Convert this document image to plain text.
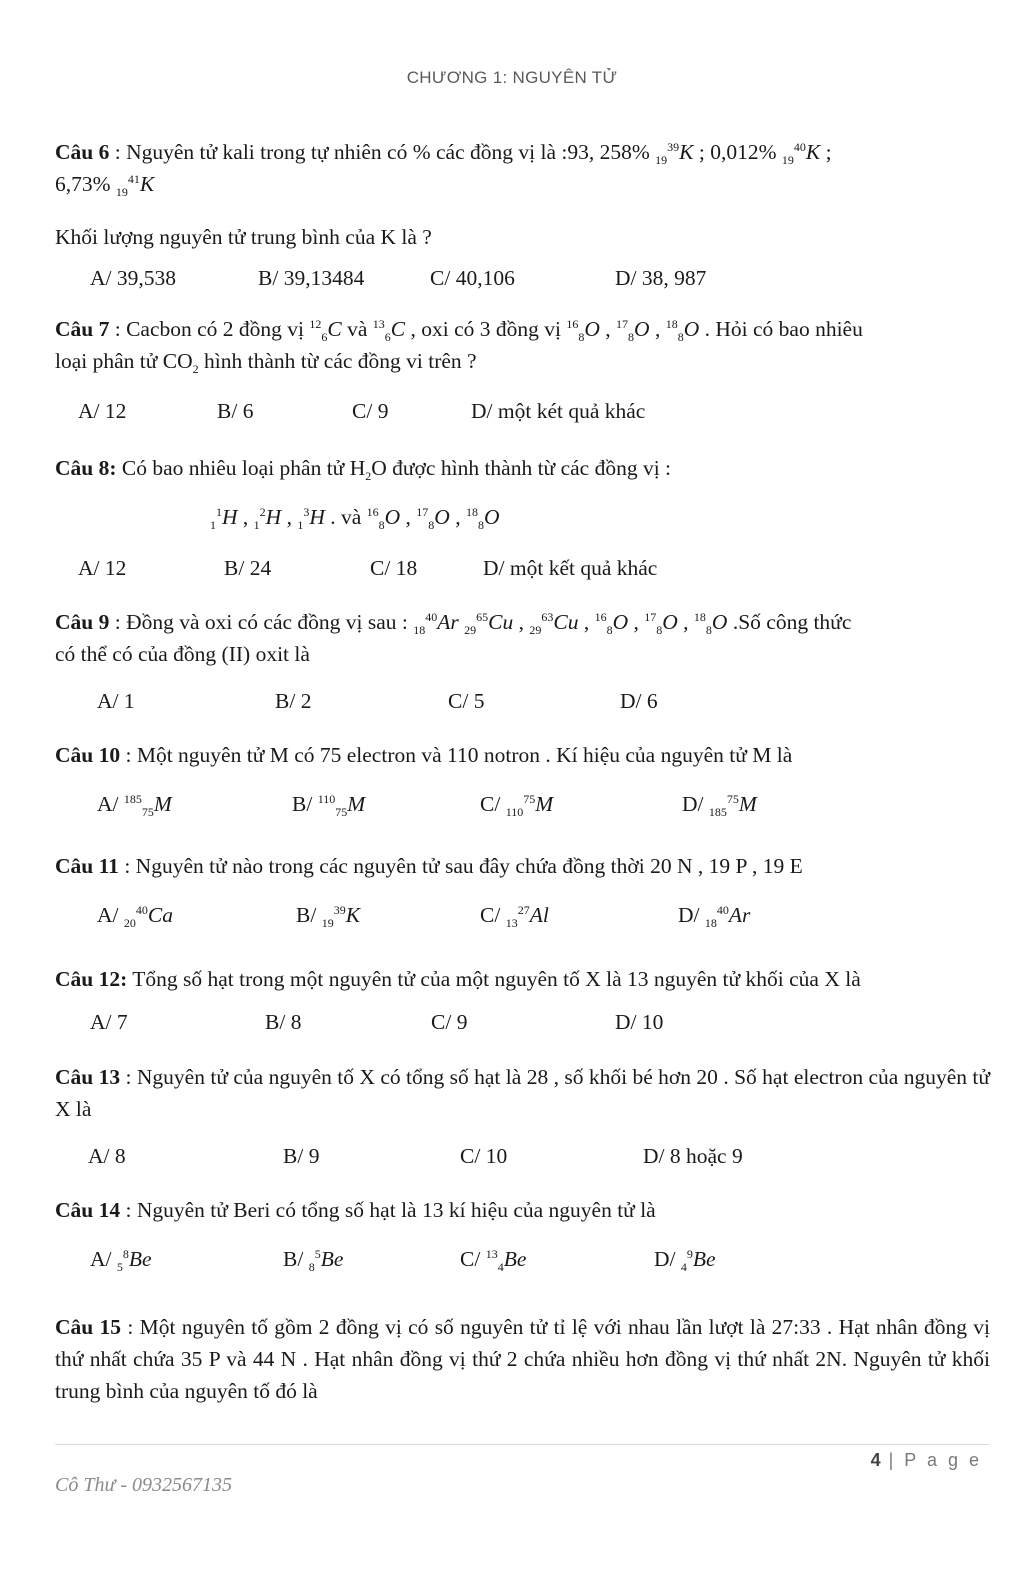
CHƯƠNG 1: NGUYÊN TỬ
Câu 6 : Nguyên tử kali trong tự nhiên có % các đồng vị là :93, 258% $_{19}^{39}$K ; 0,012% $_{19}^{40}$K ;
6,73% $_{19}^{41}$K
Khối lượng nguyên tử trung bình của K là ?
A/ 39,538	B/ 39,13484	C/ 40,106	D/ 38, 987
Câu 7 : Cacbon có 2 đồng vị $^{12}_6$C và $^{13}_6$C , oxi có 3 đồng vị $^{16}_8$O , $^{17}_8$O , $^{18}_8$O . Hỏi có bao nhiêu
loại phân tử $CO_2$ hình thành từ các đồng vi trên ?
A/ 12	B/ 6	C/ 9	D/ một két quả khác
Câu 8: Có bao nhiêu loại phân tử $H_2O$ được hình thành từ các đồng vị :
$_1^1$H , $_1^2$H , $_1^3$H . và $^{16}_8$O , $^{17}_8$O , $^{18}_8$O
A/ 12	B/ 24	C/ 18	D/ một kết quả khác
Câu 9 : Đồng và oxi có các đồng vị sau : $_{18}^{40}$Ar $_{29}^{65}$Cu , $_{29}^{63}$Cu , $^{16}_8$O , $^{17}_8$O , $^{18}_8$O .Số công thức
có thể có của đồng (II) oxit là
A/ 1	B/ 2	C/ 5	D/ 6
Câu 10 : Một nguyên tử M có 75 electron và 110 notron . Kí hiệu của nguyên tử M là
A/ $^{185}_{75}$M	B/ $^{110}_{75}$M	C/ $_{110}^{75}$M	D/ $_{185}^{75}$M
Câu 11 : Nguyên tử nào trong các nguyên tử sau đây chứa đồng thời 20 N , 19 P , 19 E
A/ $_{20}^{40}$Ca	B/ $_{19}^{39}$K	C/ $_{13}^{27}$Al	D/ $_{18}^{40}$Ar
Câu 12: Tổng số hạt trong một nguyên tử của một nguyên tố X là 13 nguyên tử khối của X là
A/ 7	B/ 8	C/ 9	D/ 10
Câu 13 : Nguyên tử của nguyên tố X có tổng số hạt là 28 , số khối bé hơn 20 . Số hạt electron của nguyên tử X là
A/ 8	B/ 9	C/ 10	D/ 8 hoặc 9
Câu 14 : Nguyên tử Beri có tổng số hạt là 13 kí hiệu của nguyên tử là
A/ $_5^8$Be	B/ $_8^5$Be	C/ $^{13}_4$Be	D/ $_4^9$Be
Câu 15 : Một nguyên tố gồm 2 đồng vị có số nguyên tử tỉ lệ với nhau lần lượt là 27:33 . Hạt nhân đồng vị thứ nhất chứa 35 P và 44 N . Hạt nhân đồng vị thứ 2 chứa nhiều hơn đồng vị thứ nhất 2N. Nguyên tử khối trung bình của nguyên tố đó là
4 | P a g e
Cô Thư - 0932567135
